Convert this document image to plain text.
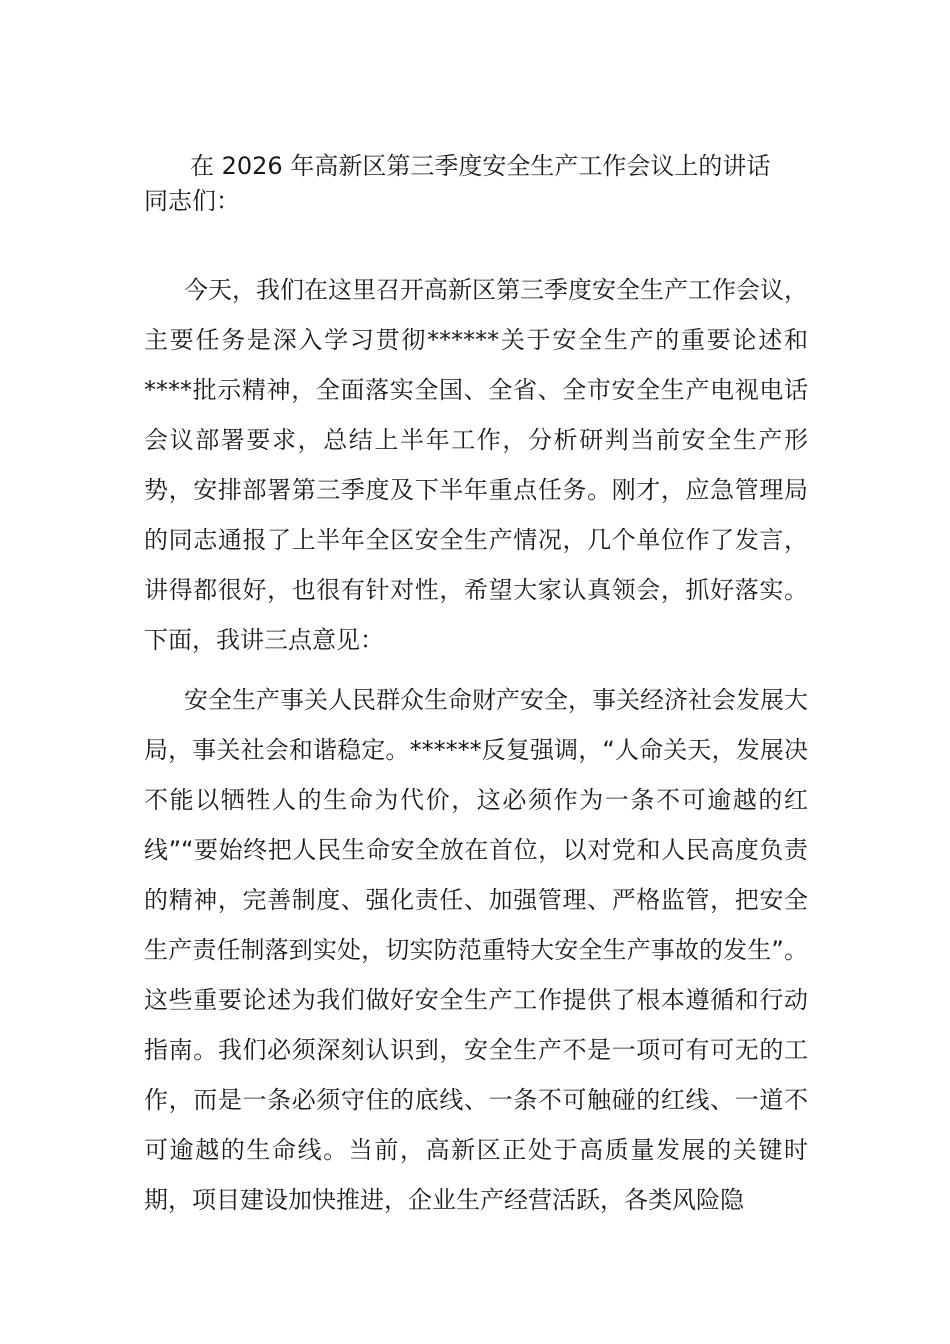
在 2026 年高新区第三季度安全生产工作会议上的讲话
同志们：

今天，我们在这里召开高新区第三季度安全生产工作会议，主要任务是深入学习贯彻******关于安全生产的重要论述和****批示精神，全面落实全国、全省、全市安全生产电视电话会议部署要求，总结上半年工作，分析研判当前安全生产形势，安排部署第三季度及下半年重点任务。刚才，应急管理局的同志通报了上半年全区安全生产情况，几个单位作了发言，讲得都很好，也很有针对性，希望大家认真领会，抓好落实。下面，我讲三点意见：

安全生产事关人民群众生命财产安全，事关经济社会发展大局，事关社会和谐稳定。******反复强调，“人命关天，发展决不能以牺牲人的生命为代价，这必须作为一条不可逾越的红线”“要始终把人民生命安全放在首位，以对党和人民高度负责的精神，完善制度、强化责任、加强管理、严格监管，把安全生产责任制落到实处，切实防范重特大安全生产事故的发生”。这些重要论述为我们做好安全生产工作提供了根本遵循和行动指南。我们必须深刻认识到，安全生产不是一项可有可无的工作，而是一条必须守住的底线、一条不可触碰的红线、一道不可逾越的生命线。当前，高新区正处于高质量发展的关键时期，项目建设加快推进，企业生产经营活跃，各类风险隐
